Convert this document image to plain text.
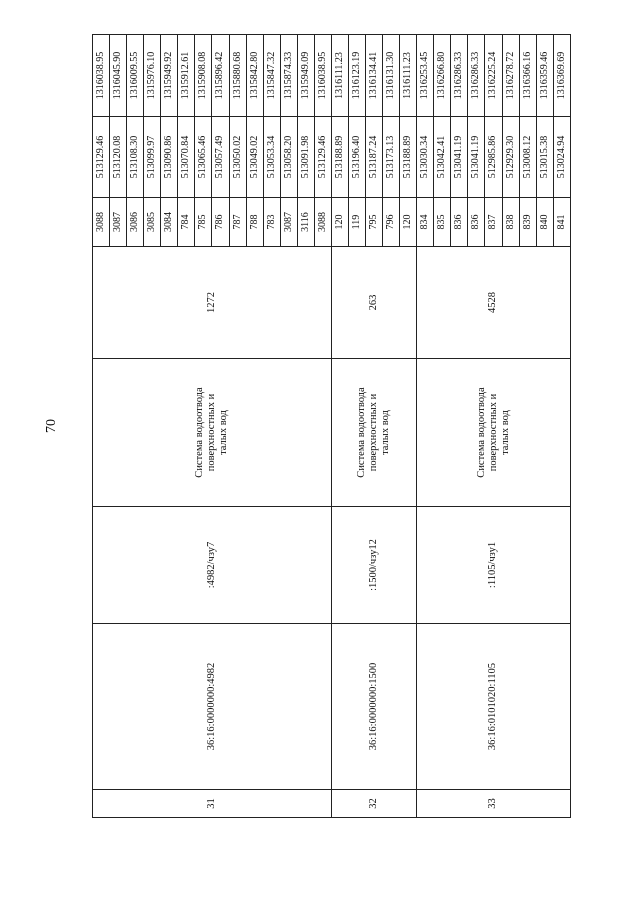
70
31	36:16:0000000:4982	:4982/чзу7	Система водоотвода поверхностных и талых вод	1272	3088	513129.46	1316038.95
					3087	513120.08	1316045.90
					3086	513108.30	1316009.55
					3085	513099.97	1315976.10
					3084	513090.86	1315949.92
					784	513070.84	1315912.61
					785	513065.46	1315908.08
					786	513057.49	1315896.42
					787	513050.02	1315880.68
					788	513049.02	1315842.80
					783	513053.34	1315847.32
					3087	513058.20	1315874.33
					3116	513091.98	1315949.09
					3088	513129.46	1316038.95
32	36:16:0000000:1500	:1500/чзу12	Система водоотвода поверхностных и талых вод	263	120	513188.89	1316111.23
					119	513196.40	1316123.19
					795	513187.24	1316134.41
					796	513173.13	1316131.30
					120	513188.89	1316111.23
33	36:16:0101020:1105	:1105/чзу1	Система водоотвода поверхностных и талых вод	4528	834	513030.34	1316253.45
					835	513042.41	1316266.80
					836	513041.19	1316286.33
					836	513041.19	1316286.33
					837	512985.86	1316225.24
					838	512929.30	1316278.72
					839	513008.12	1316366.16
					840	513015.38	1316359.46
					841	513024.94	1316369.69
